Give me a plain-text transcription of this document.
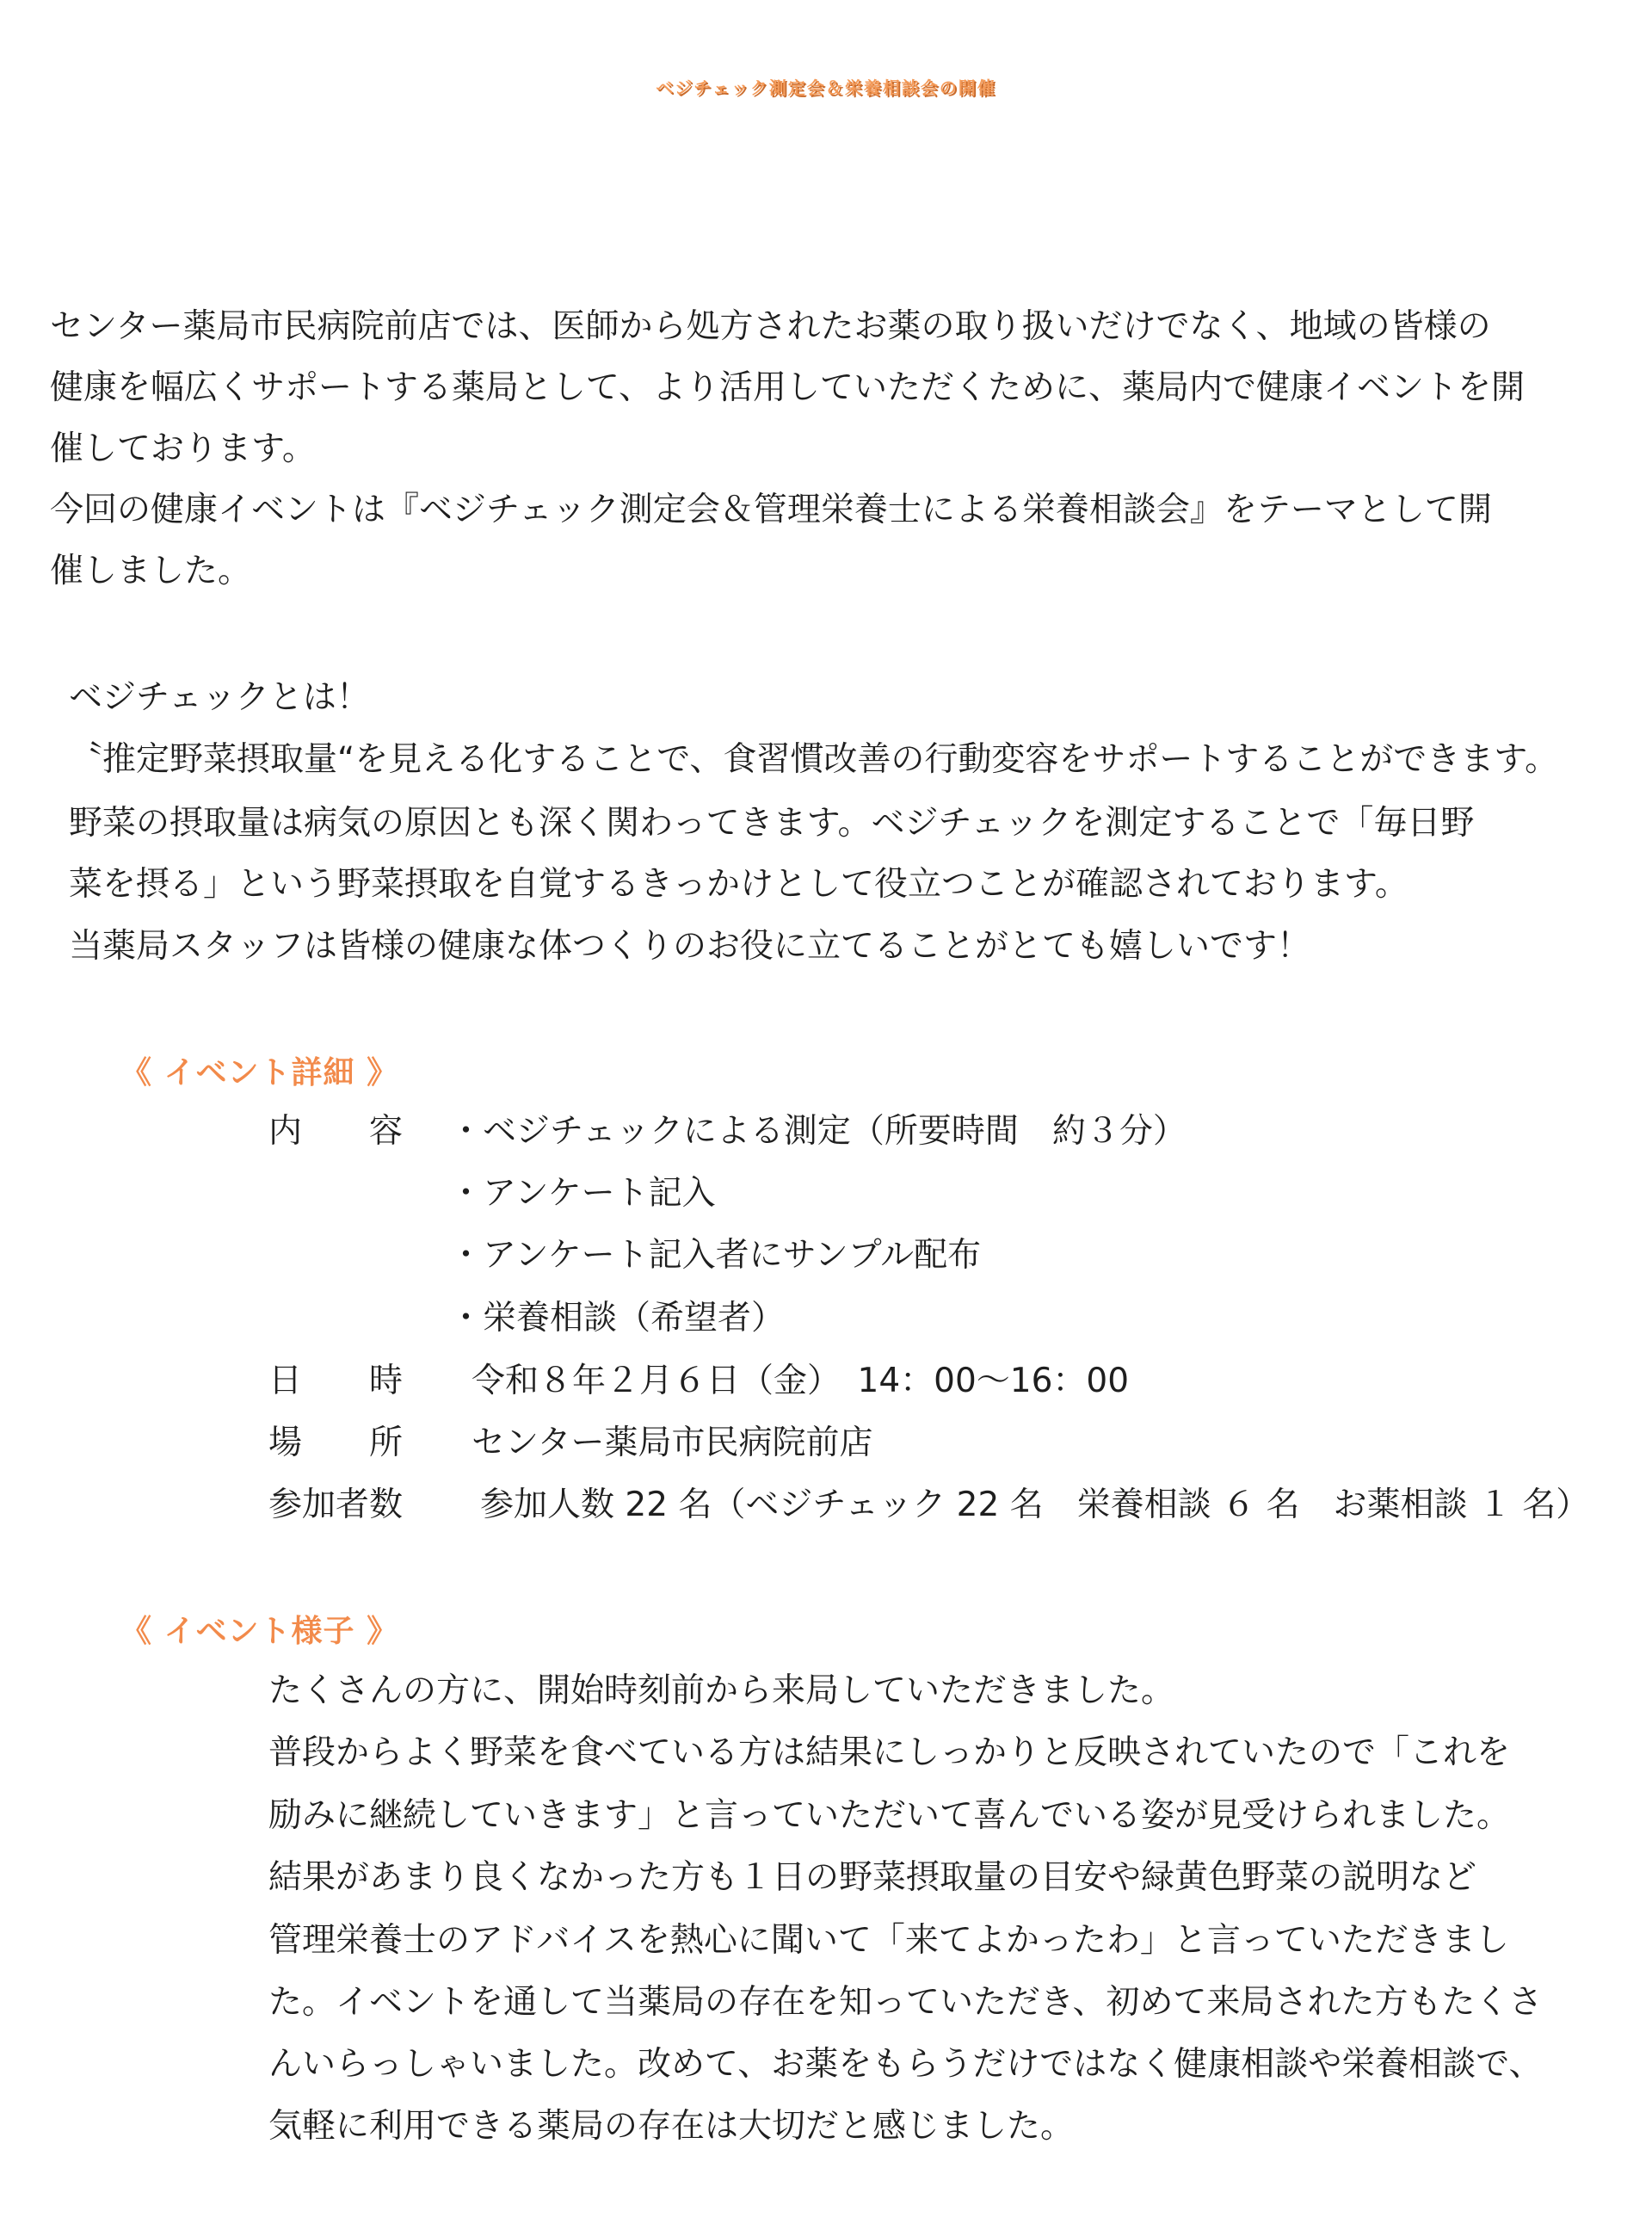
ベジチェック測定会＆栄養相談会の開催
センター薬局市民病院前店では、医師から処方されたお薬の取り扱いだけでなく、地域の皆様の
健康を幅広くサポートする薬局として、より活用していただくために、薬局内で健康イベントを開
催しております。
今回の健康イベントは『ベジチェック測定会＆管理栄養士による栄養相談会』をテーマとして開
催しました。
ベジチェックとは！
〝推定野菜摂取量“を見える化することで、食習慣改善の行動変容をサポートすることができます。
野菜の摂取量は病気の原因とも深く関わってきます。ベジチェックを測定することで「毎日野
菜を摂る」という野菜摂取を自覚するきっかけとして役立つことが確認されております。
当薬局スタッフは皆様の健康な体つくりのお役に立てることがとても嬉しいです！
《 イベント詳細 》
内　　容 ・ベジチェックによる測定（所要時間　約３分）
・アンケート記入
・アンケート記入者にサンプル配布
・栄養相談（希望者）
日　　時 令和８年２月６日（金）　14：00～16：00
場　　所 センター薬局市民病院前店
参加者数 参加人数 22 名（ベジチェック 22 名　栄養相談 ６ 名　お薬相談 １ 名）
《 イベント様子 》
たくさんの方に、開始時刻前から来局していただきました。
普段からよく野菜を食べている方は結果にしっかりと反映されていたので「これを
励みに継続していきます」と言っていただいて喜んでいる姿が見受けられました。
結果があまり良くなかった方も１日の野菜摂取量の目安や緑黄色野菜の説明など
管理栄養士のアドバイスを熱心に聞いて「来てよかったわ」と言っていただきまし
た。イベントを通して当薬局の存在を知っていただき、初めて来局された方もたくさ
んいらっしゃいました。改めて、お薬をもらうだけではなく健康相談や栄養相談で、
気軽に利用できる薬局の存在は大切だと感じました。
